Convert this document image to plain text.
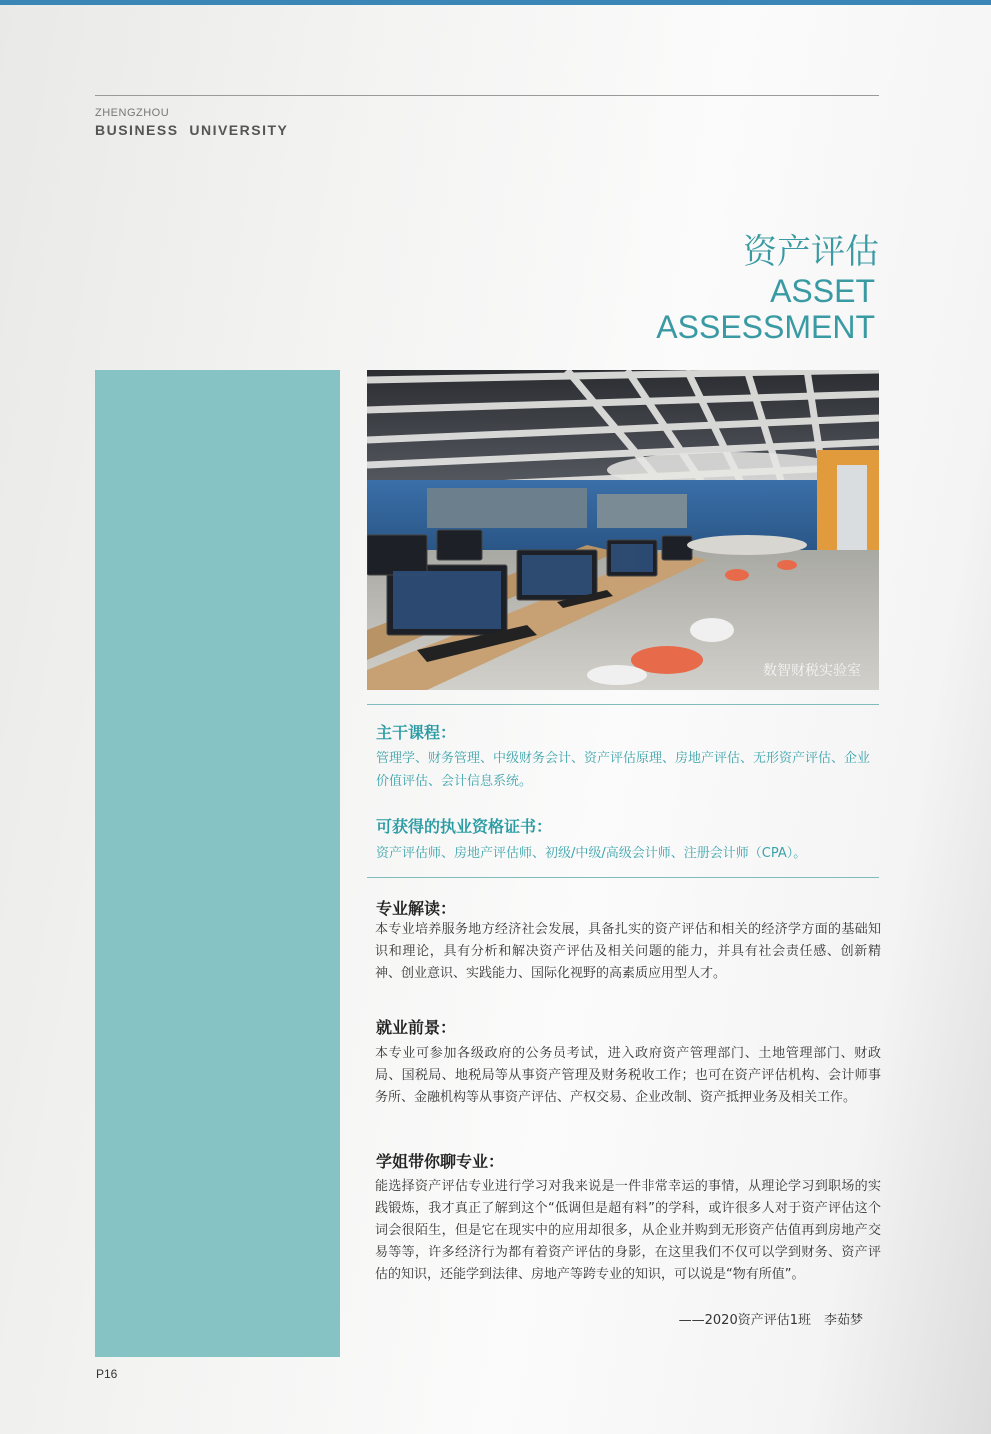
ZHENGZHOU
BUSINESS  UNIVERSITY
资产评估
ASSET
ASSESSMENT
数智财税实验室
主干课程：
管理学、财务管理、中级财务会计、资产评估原理、房地产评估、无形资产评估、企业价值评估、会计信息系统。
可获得的执业资格证书：
资产评估师、房地产评估师、初级/中级/高级会计师、注册会计师（CPA）。
专业解读：
本专业培养服务地方经济社会发展，具备扎实的资产评估和相关的经济学方面的基础知识和理论，具有分析和解决资产评估及相关问题的能力，并具有社会责任感、创新精神、创业意识、实践能力、国际化视野的高素质应用型人才。
就业前景：
本专业可参加各级政府的公务员考试，进入政府资产管理部门、土地管理部门、财政局、国税局、地税局等从事资产管理及财务税收工作；也可在资产评估机构、会计师事务所、金融机构等从事资产评估、产权交易、企业改制、资产抵押业务及相关工作。
学姐带你聊专业：
能选择资产评估专业进行学习对我来说是一件非常幸运的事情，从理论学习到职场的实践锻炼，我才真正了解到这个“低调但是超有料”的学科，或许很多人对于资产评估这个词会很陌生，但是它在现实中的应用却很多，从企业并购到无形资产估值再到房地产交易等等，许多经济行为都有着资产评估的身影，在这里我们不仅可以学到财务、资产评估的知识，还能学到法律、房地产等跨专业的知识，可以说是“物有所值”。
——2020资产评估1班　李茹梦
P16
